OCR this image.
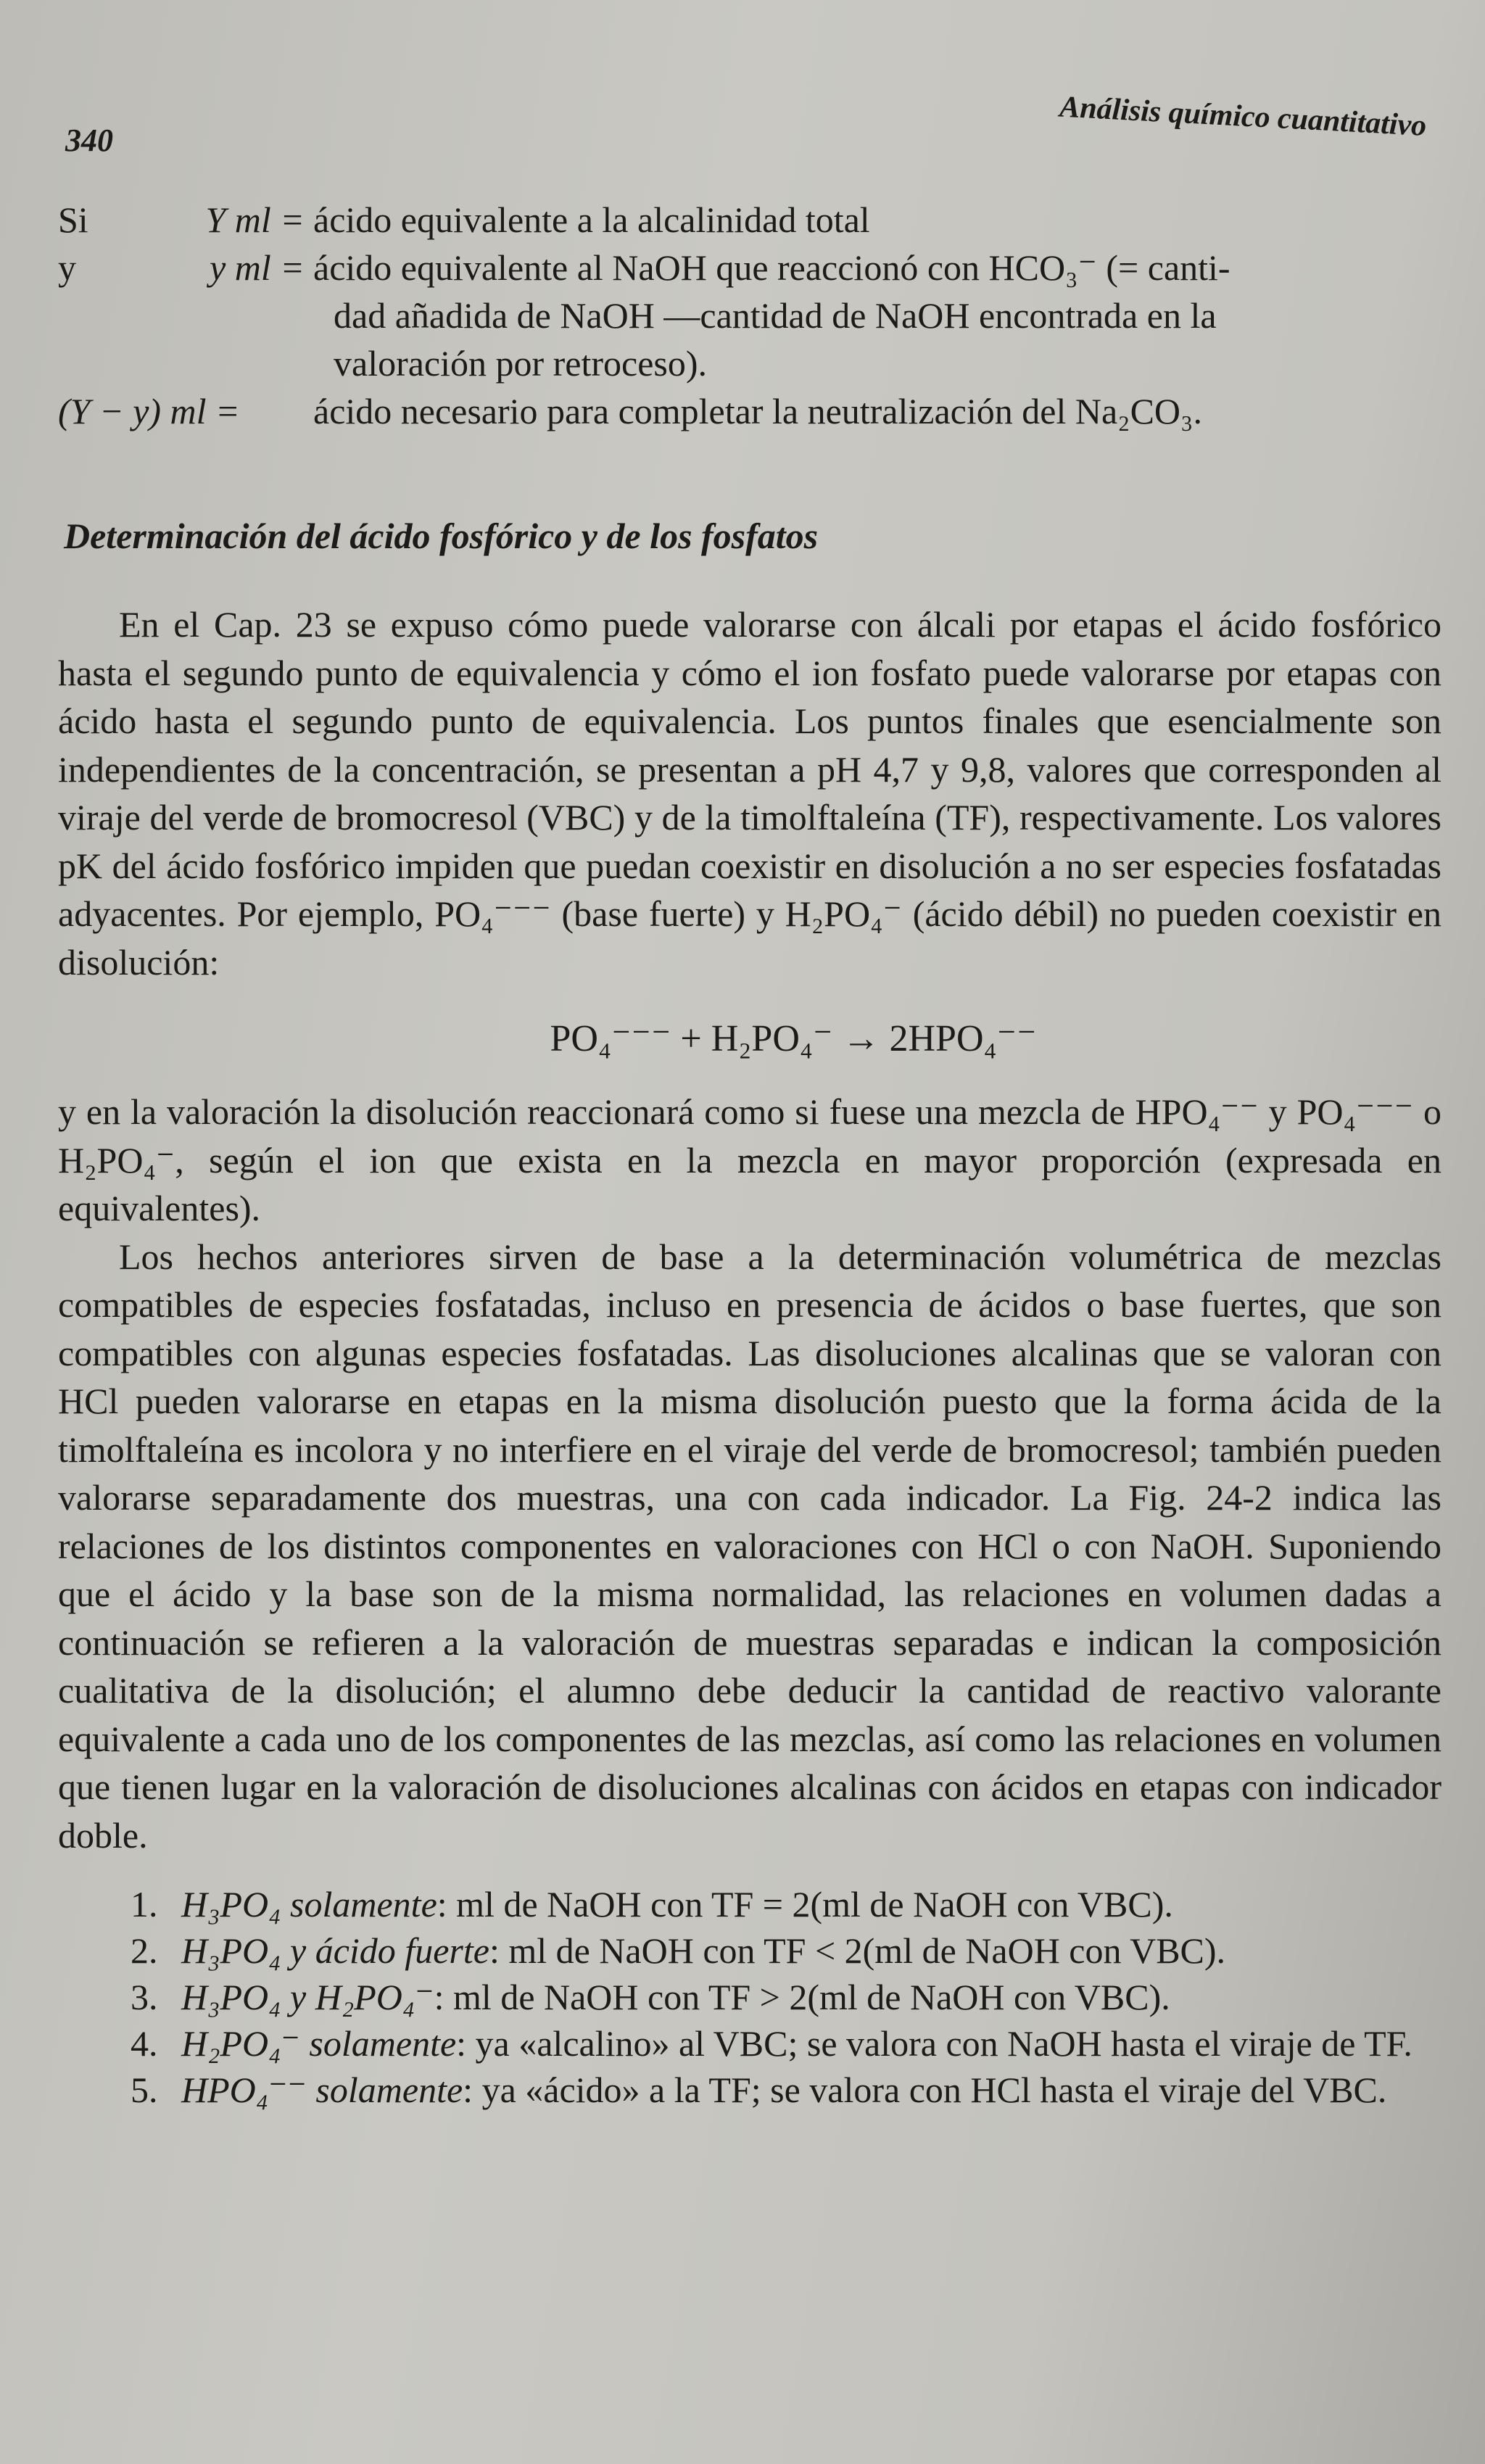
340	Análisis químico cuantitativo
Si	Y ml = ácido equivalente a la alcalinidad total
y	y ml = ácido equivalente al NaOH que reaccionó con HCO₃⁻ (= canti-
dad añadida de NaOH —cantidad de NaOH encontrada en la
valoración por retroceso).
(Y − y) ml =	ácido necesario para completar la neutralización del Na₂CO₃.
Determinación del ácido fosfórico y de los fosfatos

En el Cap. 23 se expuso cómo puede valorarse con álcali por etapas el ácido fosfórico hasta el segundo punto de equivalencia y cómo el ion fosfato puede valorarse por etapas con ácido hasta el segundo punto de equivalencia. Los puntos finales que esencialmente son independientes de la concentración, se presentan a pH 4,7 y 9,8, valores que corresponden al viraje del verde de bromocresol (VBC) y de la timolftaleína (TF), respectivamente. Los valores pK del ácido fosfórico impiden que puedan coexistir en disolución a no ser especies fosfatadas adyacentes. Por ejemplo, PO₄⁻⁻⁻ (base fuerte) y H₂PO₄⁻ (ácido débil) no pueden coexistir en disolución:

PO₄⁻⁻⁻ + H₂PO₄⁻ → 2HPO₄⁻⁻

y en la valoración la disolución reaccionará como si fuese una mezcla de HPO₄⁻⁻ y PO₄⁻⁻⁻ o H₂PO₄⁻, según el ion que exista en la mezcla en mayor proporción (expresada en equivalentes).

Los hechos anteriores sirven de base a la determinación volumétrica de mezclas compatibles de especies fosfatadas, incluso en presencia de ácidos o base fuertes, que son compatibles con algunas especies fosfatadas. Las disoluciones alcalinas que se valoran con HCl pueden valorarse en etapas en la misma disolución puesto que la forma ácida de la timolftaleína es incolora y no interfiere en el viraje del verde de bromocresol; también pueden valorarse separadamente dos muestras, una con cada indicador. La Fig. 24-2 indica las relaciones de los distintos componentes en valoraciones con HCl o con NaOH. Suponiendo que el ácido y la base son de la misma normalidad, las relaciones en volumen dadas a continuación se refieren a la valoración de muestras separadas e indican la composición cualitativa de la disolución; el alumno debe deducir la cantidad de reactivo valorante equivalente a cada uno de los componentes de las mezclas, así como las relaciones en volumen que tienen lugar en la valoración de disoluciones alcalinas con ácidos en etapas con indicador doble.

1. H₃PO₄ solamente: ml de NaOH con TF = 2(ml de NaOH con VBC).
2. H₃PO₄ y ácido fuerte: ml de NaOH con TF < 2(ml de NaOH con VBC).
3. H₃PO₄ y H₂PO₄⁻: ml de NaOH con TF > 2(ml de NaOH con VBC).
4. H₂PO₄⁻ solamente: ya «alcalino» al VBC; se valora con NaOH hasta el viraje de TF.
5. HPO₄⁻⁻ solamente: ya «ácido» a la TF; se valora con HCl hasta el viraje del VBC.
